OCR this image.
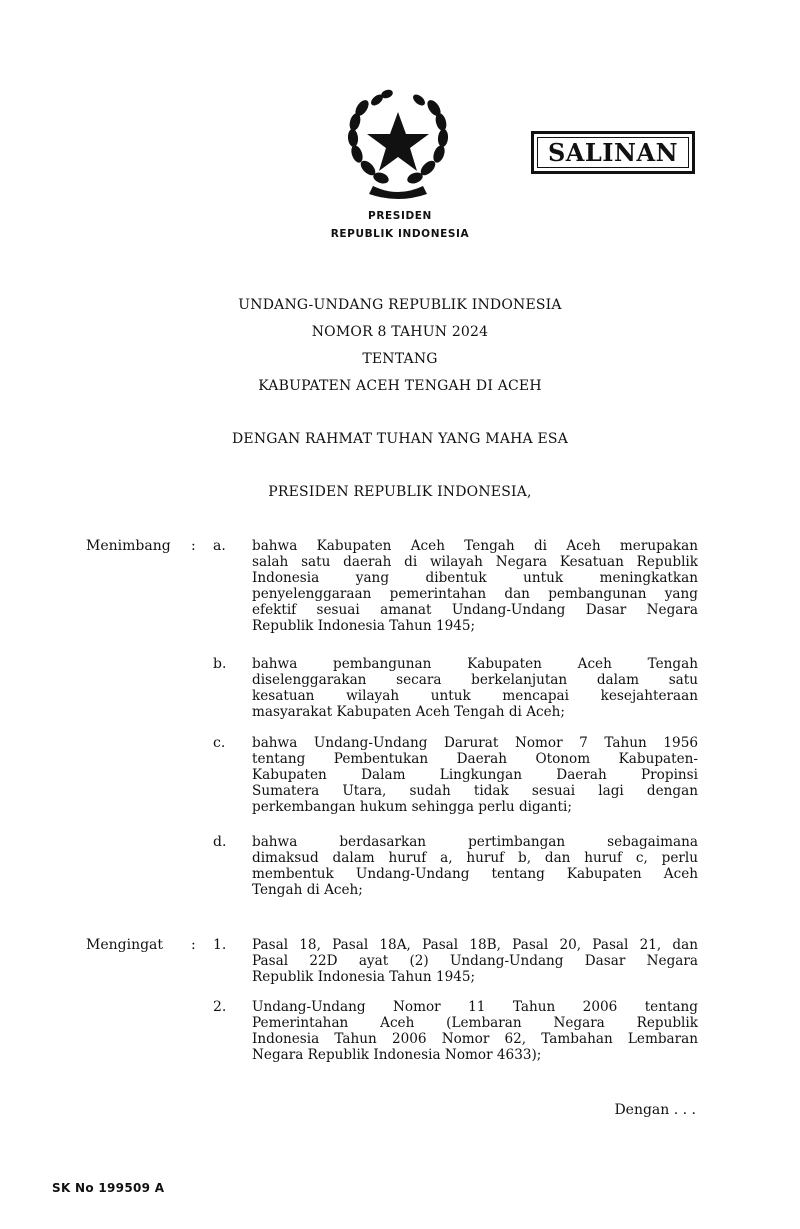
SALINAN
PRESIDEN
REPUBLIK INDONESIA
UNDANG-UNDANG REPUBLIK INDONESIA
NOMOR 8 TAHUN 2024
TENTANG
KABUPATEN ACEH TENGAH DI ACEH
DENGAN RAHMAT TUHAN YANG MAHA ESA
PRESIDEN REPUBLIK INDONESIA,
Menimbang : a. bahwa Kabupaten Aceh Tengah di Aceh merupakan
salah satu daerah di wilayah Negara Kesatuan Republik
Indonesia yang dibentuk untuk meningkatkan
penyelenggaraan pemerintahan dan pembangunan yang
efektif sesuai amanat Undang-Undang Dasar Negara
Republik Indonesia Tahun 1945;
b. bahwa pembangunan Kabupaten Aceh Tengah
diselenggarakan secara berkelanjutan dalam satu
kesatuan wilayah untuk mencapai kesejahteraan
masyarakat Kabupaten Aceh Tengah di Aceh;
c. bahwa Undang-Undang Darurat Nomor 7 Tahun 1956
tentang Pembentukan Daerah Otonom Kabupaten-
Kabupaten Dalam Lingkungan Daerah Propinsi
Sumatera Utara, sudah tidak sesuai lagi dengan
perkembangan hukum sehingga perlu diganti;
d. bahwa berdasarkan pertimbangan sebagaimana
dimaksud dalam huruf a, huruf b, dan huruf c, perlu
membentuk Undang-Undang tentang Kabupaten Aceh
Tengah di Aceh;
Mengingat : 1. Pasal 18, Pasal 18A, Pasal 18B, Pasal 20, Pasal 21, dan
Pasal 22D ayat (2) Undang-Undang Dasar Negara
Republik Indonesia Tahun 1945;
2. Undang-Undang Nomor 11 Tahun 2006 tentang
Pemerintahan Aceh (Lembaran Negara Republik
Indonesia Tahun 2006 Nomor 62, Tambahan Lembaran
Negara Republik Indonesia Nomor 4633);
Dengan . . .
SK No 199509 A
